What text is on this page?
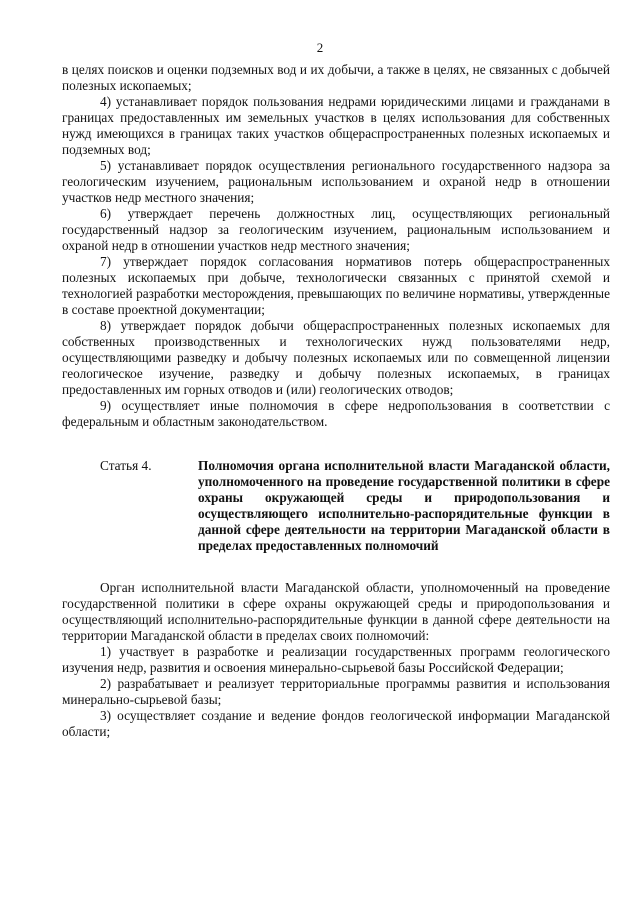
2

в целях поисков и оценки подземных вод и их добычи, а также в целях, не связанных с добычей полезных ископаемых;

4) устанавливает порядок пользования недрами юридическими лицами и гражданами в границах предоставленных им земельных участков в целях использования для собственных нужд имеющихся в границах таких участков общераспространенных полезных ископаемых и подземных вод;

5) устанавливает порядок осуществления регионального государственного надзора за геологическим изучением, рациональным использованием и охраной недр в отношении участков недр местного значения;

6) утверждает перечень должностных лиц, осуществляющих региональный государственный надзор за геологическим изучением, рациональным использованием и охраной недр в отношении участков недр местного значения;

7) утверждает порядок согласования нормативов потерь общераспространенных полезных ископаемых при добыче, технологически связанных с принятой схемой и технологией разработки месторождения, превышающих по величине нормативы, утвержденные в составе проектной документации;

8) утверждает порядок добычи общераспространенных полезных ископаемых для собственных производственных и технологических нужд пользователями недр, осуществляющими разведку и добычу полезных ископаемых или по совмещенной лицензии геологическое изучение, разведку и добычу полезных ископаемых, в границах предоставленных им горных отводов и (или) геологических отводов;

9) осуществляет иные полномочия в сфере недропользования в соответствии с федеральным и областным законодательством.

Статья 4.	Полномочия органа исполнительной власти Магаданской области, уполномоченного на проведение государственной политики в сфере охраны окружающей среды и природопользования и осуществляющего исполнительно-распорядительные функции в данной сфере деятельности на территории Магаданской области в пределах предоставленных полномочий

Орган исполнительной власти Магаданской области, уполномоченный на проведение государственной политики в сфере охраны окружающей среды и природопользования и осуществляющий исполнительно-распорядительные функции в данной сфере деятельности на территории Магаданской области в пределах своих полномочий:

1) участвует в разработке и реализации государственных программ геологического изучения недр, развития и освоения минерально-сырьевой базы Российской Федерации;

2) разрабатывает и реализует территориальные программы развития и использования минерально-сырьевой базы;

3) осуществляет создание и ведение фондов геологической информации Магаданской области;
